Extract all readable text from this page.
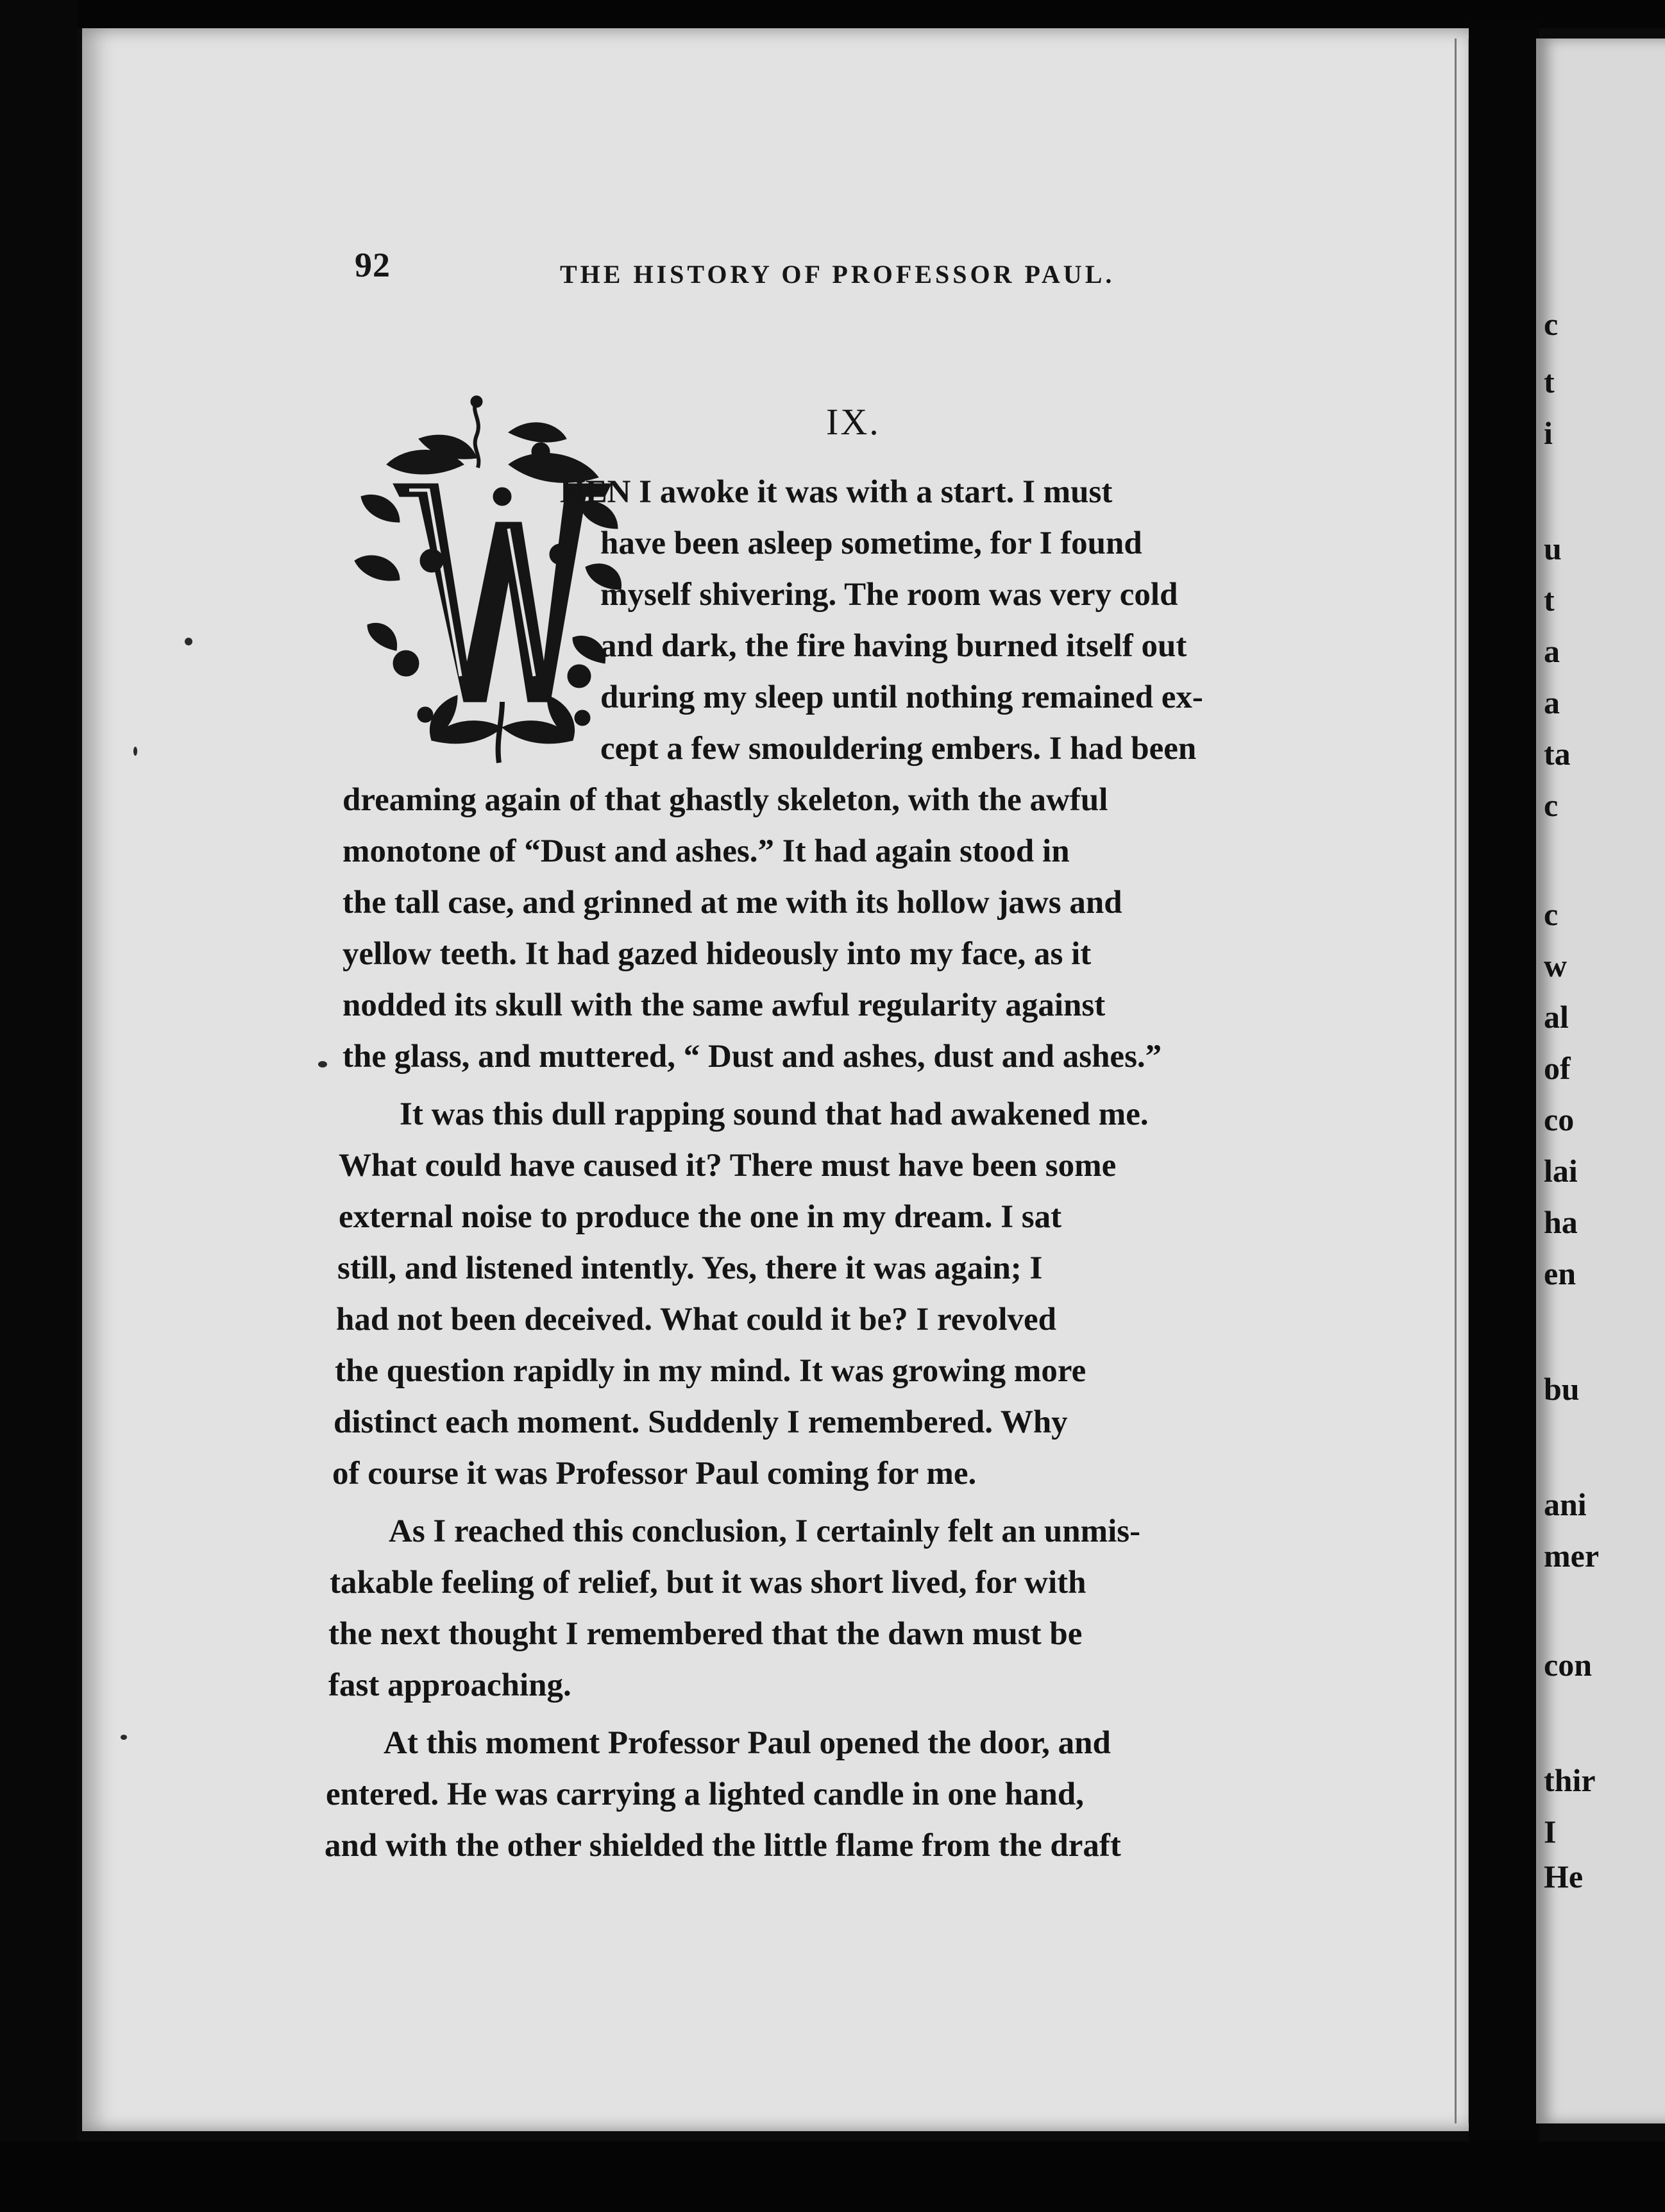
92	THE HISTORY OF PROFESSOR PAUL.
IX.
HEN I awoke it was with a start. I must
have been asleep sometime, for I found
myself shivering. The room was very cold
and dark, the fire having burned itself out
during my sleep until nothing remained ex-
cept a few smouldering embers. I had been
dreaming again of that ghastly skeleton, with the awful
monotone of “Dust and ashes.” It had again stood in
the tall case, and grinned at me with its hollow jaws and
yellow teeth. It had gazed hideously into my face, as it
nodded its skull with the same awful regularity against
the glass, and muttered, “ Dust and ashes, dust and ashes.”
It was this dull rapping sound that had awakened me.
What could have caused it? There must have been some
external noise to produce the one in my dream. I sat
still, and listened intently. Yes, there it was again; I
had not been deceived. What could it be? I revolved
the question rapidly in my mind. It was growing more
distinct each moment. Suddenly I remembered. Why
of course it was Professor Paul coming for me.
As I reached this conclusion, I certainly felt an unmis-
takable feeling of relief, but it was short lived, for with
the next thought I remembered that the dawn must be
fast approaching.
At this moment Professor Paul opened the door, and
entered. He was carrying a lighted candle in one hand,
and with the other shielded the little flame from the draft
c
t
i
u
t
a
a
ta
c
c
w
al
of
co
lai
ha
en
bu
ani
mer
con
thir
I
He
